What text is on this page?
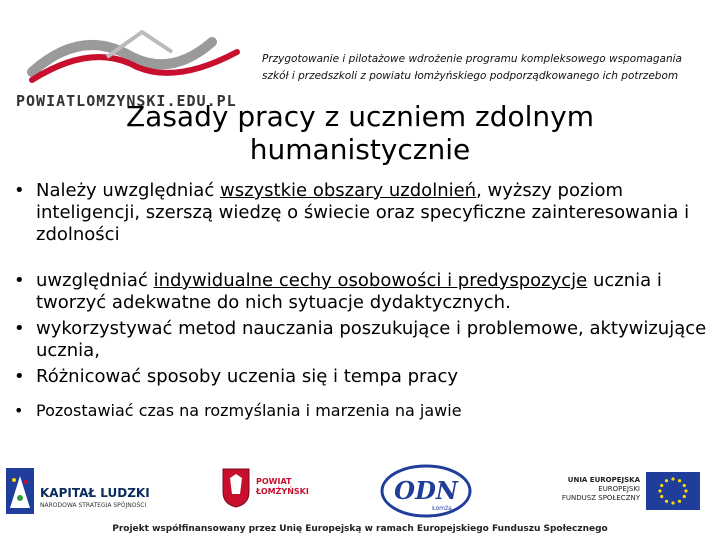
POWIATLOMZYNSKI.EDU.PL
Przygotowanie i pilotażowe wdrożenie programu kompleksowego wspomagania
szkół i przedszkoli z powiatu łomżyńskiego podporządkowanego ich potrzebom
Zasady pracy z uczniem zdolnym
humanistycznie
• Należy uwzględniać wszystkie obszary uzdolnień, wyższy poziom inteligencji, szerszą wiedzę o świecie oraz specyficzne zainteresowania i zdolności
• uwzględniać indywidualne cechy osobowości i predyspozycje ucznia i tworzyć adekwatne do nich sytuacje dydaktycznych.
• wykorzystywać metod nauczania poszukujące i problemowe, aktywizujące ucznia,
• Różnicować sposoby uczenia się i tempa pracy
• Pozostawiać czas na rozmyślania i marzenia na jawie
KAPITAŁ LUDZKI
NARODOWA STRATEGIA SPÓJNOŚCI
POWIAT
ŁOMŻYŃSKI	ODN
Łomża
UNIA EUROPEJSKA
EUROPEJSKI
FUNDUSZ SPOŁECZNY
Projekt współfinansowany przez Unię Europejską w ramach Europejskiego Funduszu Społecznego
